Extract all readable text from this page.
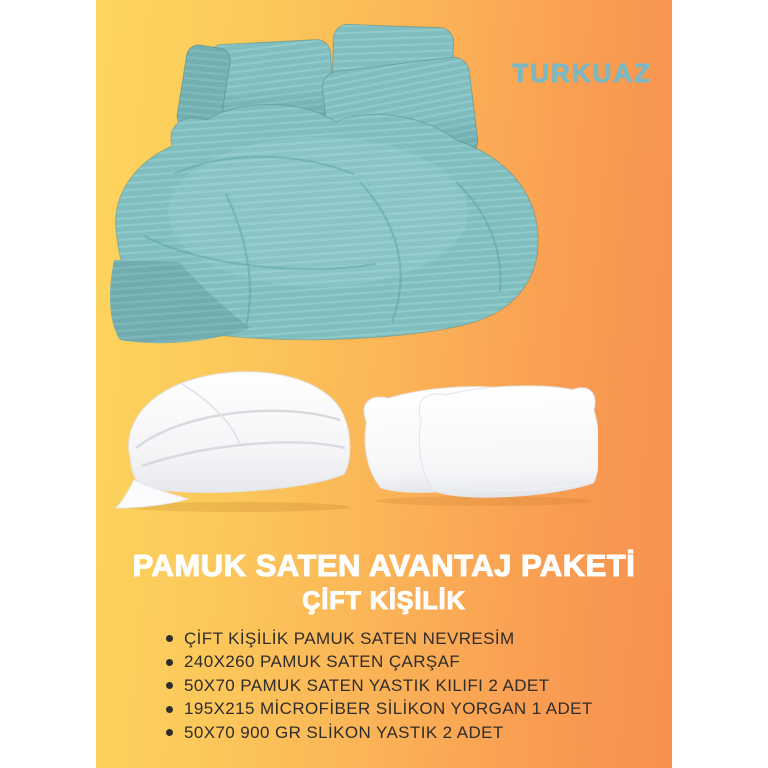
TURKUAZ
PAMUK SATEN AVANTAJ PAKETİ
ÇİFT KİŞİLİK
ÇİFT KİŞİLİK PAMUK SATEN NEVRESİM
240X260 PAMUK SATEN ÇARŞAF
50X70 PAMUK SATEN YASTIK KILIFI 2 ADET
195X215 MİCROFİBER SİLİKON YORGAN 1 ADET
50X70 900 GR SLİKON YASTIK 2 ADET
